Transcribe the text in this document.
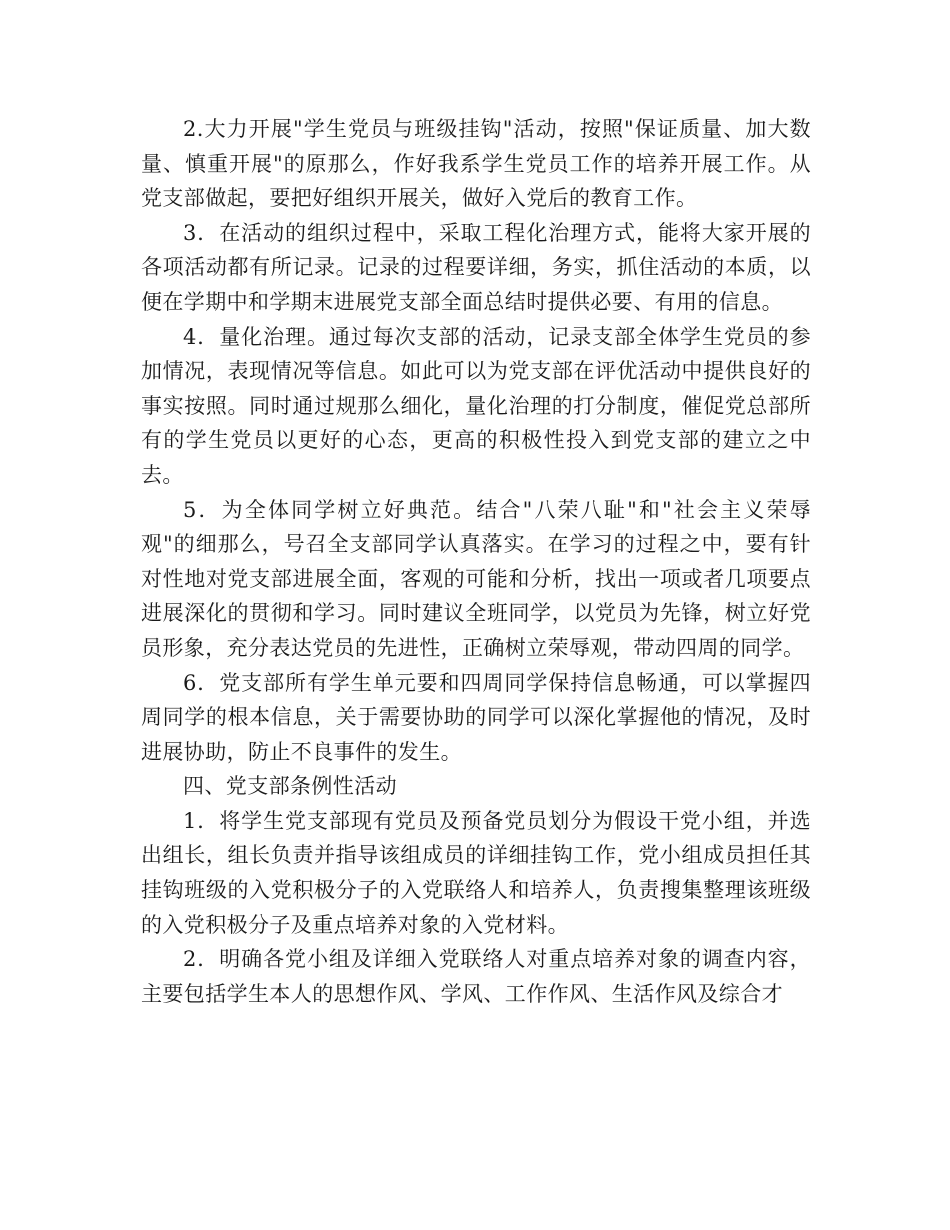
2.大力开展"学生党员与班级挂钩"活动，按照"保证质量、加大数量、慎重开展"的原那么，作好我系学生党员工作的培养开展工作。从党支部做起，要把好组织开展关，做好入党后的教育工作。

3．在活动的组织过程中，采取工程化治理方式，能将大家开展的各项活动都有所记录。记录的过程要详细，务实，抓住活动的本质，以便在学期中和学期末进展党支部全面总结时提供必要、有用的信息。

4．量化治理。通过每次支部的活动，记录支部全体学生党员的参加情况，表现情况等信息。如此可以为党支部在评优活动中提供良好的事实按照。同时通过规那么细化，量化治理的打分制度，催促党总部所有的学生党员以更好的心态，更高的积极性投入到党支部的建立之中去。

5．为全体同学树立好典范。结合"八荣八耻"和"社会主义荣辱观"的细那么，号召全支部同学认真落实。在学习的过程之中，要有针对性地对党支部进展全面，客观的可能和分析，找出一项或者几项要点进展深化的贯彻和学习。同时建议全班同学，以党员为先锋，树立好党员形象，充分表达党员的先进性，正确树立荣辱观，带动四周的同学。

6．党支部所有学生单元要和四周同学保持信息畅通，可以掌握四周同学的根本信息，关于需要协助的同学可以深化掌握他的情况，及时进展协助，防止不良事件的发生。

四、党支部条例性活动

1．将学生党支部现有党员及预备党员划分为假设干党小组，并选出组长，组长负责并指导该组成员的详细挂钩工作，党小组成员担任其挂钩班级的入党积极分子的入党联络人和培养人，负责搜集整理该班级的入党积极分子及重点培养对象的入党材料。

2．明确各党小组及详细入党联络人对重点培养对象的调查内容，主要包括学生本人的思想作风、学风、工作作风、生活作风及综合才
